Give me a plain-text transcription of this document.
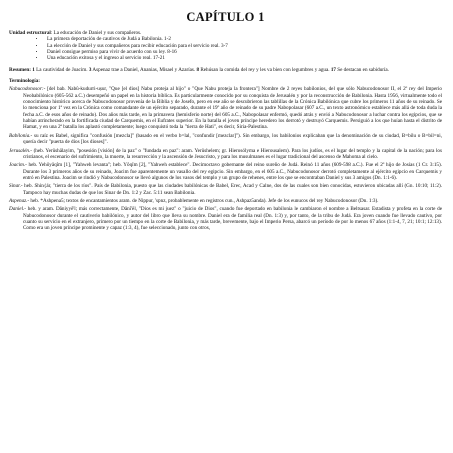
CAPÍTULO 1

Unidad estructural: La educación de Daniel y sus compañeros.

• La primera deportación de cautivos de Judá a Babilonia. 1-2
• La elección de Daniel y sus compañeros para recibir educación para el servicio real. 3-7
• Daniel consigue permiso para vivir de acuerdo con su ley. 8-16
• Una educación exitosa y el ingreso al servicio real. 17-21

Resumen: 1 La cautividad de Joacim. 3 Aspenaz trae a Daniel, Ananias, Misael y Azarías. 8 Rehúsan la comida del rey y les va bien con legumbres y agua. 17 Se destacan en sabiduría.

Terminología:

Nabucodonosor:- [del bab. Nabû-kudurri-uṣur, "Que [el dios] Nabu proteja al hijo" o "Que Nabu proteja la frontera"] Nombre de 2 reyes babilonios, del que sólo Nabucodonosor II, el 2º rey del Imperio Neobabilónico (605-562 a.C.) desempeñó un papel en la historia bíblica. Es particularmente conocido por su conquista de Jerusalén y por la reconstrucción de Babilonia. Hasta 1956, virtualmente todo el conocimiento histórico acerca de Nabucodonosor provenía de la Biblia y de Josefo, pero en ese año se descubrieron las tablillas de la Crónica Babilónica que cubre los primeros 11 años de su reinado. Se lo menciona por 1ª vez en la Crónica como comandante de un ejército separado, durante el 19º año de reinado de su padre Nabopolasar (607 a.C., un texto astronómico establece más allá de toda duda la fecha a.C. de esos años de reinado). Dos años más tarde, en la primavera (hemisferio norte) del 605 a.C., Nabopolasar enfermó, quedó atrás y envió a Nabucodonosor a luchar contra los egipcios, que se habían atrincherado en la fortificada ciudad de Carquemis, en el Eufrates superior. En la batalla el joven príncipe heredero los derrotó y destruyó Carquemis. Persiguió a los que huían hasta el distrito de Hamat, y en una 2ª batalla los aplastó completamente; luego conquistó toda la "tierra de Hati", es decir, Siria-Palestina.

Babilonia.- su raíz es Babel, significa "confusión [mezcla]" (basado en el verbo b=lal, "confundir [mezclar]"). Sin embargo, los babilonios explicaban que la denominación de su ciudad, B=bilu o B=bil=ni, quería decir "puerta de dios [los dioses]".

Jerusalén.- (heb. Yerûshâlayim, "posesión [visión] de la paz" o "fundada en paz": aram. Yerûshelem; gr. Hierosólyma e Hierousalem). Para los judíos, es el lugar del templo y la capital de la nación; para los cristianos, el escenario del sufrimiento, la muerte, la resurrección y la ascensión de Jesucristo, y para los musulmanes es el lugar tradicional del ascenso de Mahoma al cielo.

Joacim.- heb. Yehôyâqîm [1], "Yahweh levanta"; heb. Yôqîm [2], "Yahweh establece". Decimoctavo gobernante del reino sureño de Judá. Reinó 11 años (609-598 a.C.). Fue el 2º hijo de Josías (1 Cr. 3:15). Durante los 3 primeros años de su reinado, Joacim fue aparentemente un vasallo del rey egipcio. Sin embargo, en el 605 a.C., Nabucodonosor derrotó completamente al ejército egipcio en Carquemis y entró en Palestina. Joacim se rindió y Nabucodonosor se llevó algunos de los vasos del templo y un grupo de rehenes, entre los que se encontraban Daniel y sus 3 amigos (Dn. 1:1-6).

Sinar.- heb. Shin{ár, "tierra de los ríos". País de Babilonia, puesto que las ciudades babilónicas de Babel, Erec, Acad y Calne, dos de las cuales son bien conocidas, estuvieron ubicadas allí (Gn. 10:10; 11:2). Tampoco hay muchas dudas de que los Sinar de Dn. 1:2 y Zac. 5:11 sean Babilonia.

Aspenaz.- heb. *Ashpena5; textos de encantamientos aram. de Nippur, 'spnz, probablemente en registros cun., Ashpaz5anda). Jefe de los eunucos del rey Nabucodonosor (Dn. 1:3).

Daniel.- heb. y aram. Dâniyyê'l; más correctamente, Dânî'êl, "Dios es mi juez" o "juicio de Dios", cuando fue deportado en babilonia le cambiaron el nombre a Beltsasar. Estadista y profeta en la corte de Nabucodonosor durante el cautiverio babilónico, y autor del libro que lleva su nombre. Daniel era de familia real (Dn. 1:3) y, por tanto, de la tribu de Judá. Era joven cuando fue llevado cautivo, por cuanto su servicio en el extranjero, primero por un tiempo en la corte de Babilonia, y más tarde, brevemente, bajo el Imperio Persa, abarcó un período de por lo menos 67 años (1:1-4, 7, 21; 10:1; 12:13). Como era un joven príncipe prominente y capaz (1:3, 4), fue seleccionado, junto con otros,
